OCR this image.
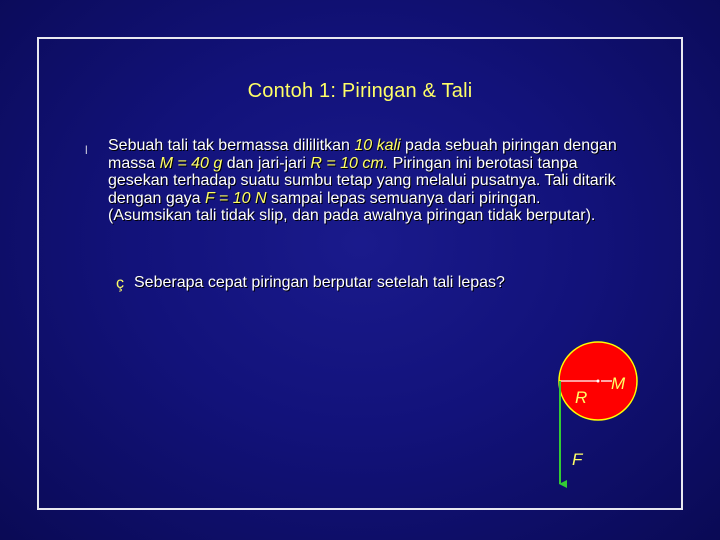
Contoh 1: Piringan & Tali
l Sebuah tali tak bermassa dililitkan 10 kali pada sebuah piringan dengan massa M = 40 g dan jari-jari R = 10 cm. Piringan ini berotasi tanpa gesekan terhadap suatu sumbu tetap yang melalui pusatnya. Tali ditarik dengan gaya F = 10 N sampai lepas semuanya dari piringan. (Asumsikan tali tidak slip, dan pada awalnya piringan tidak berputar).
ç Seberapa cepat piringan berputar setelah tali lepas?
R
M
F
